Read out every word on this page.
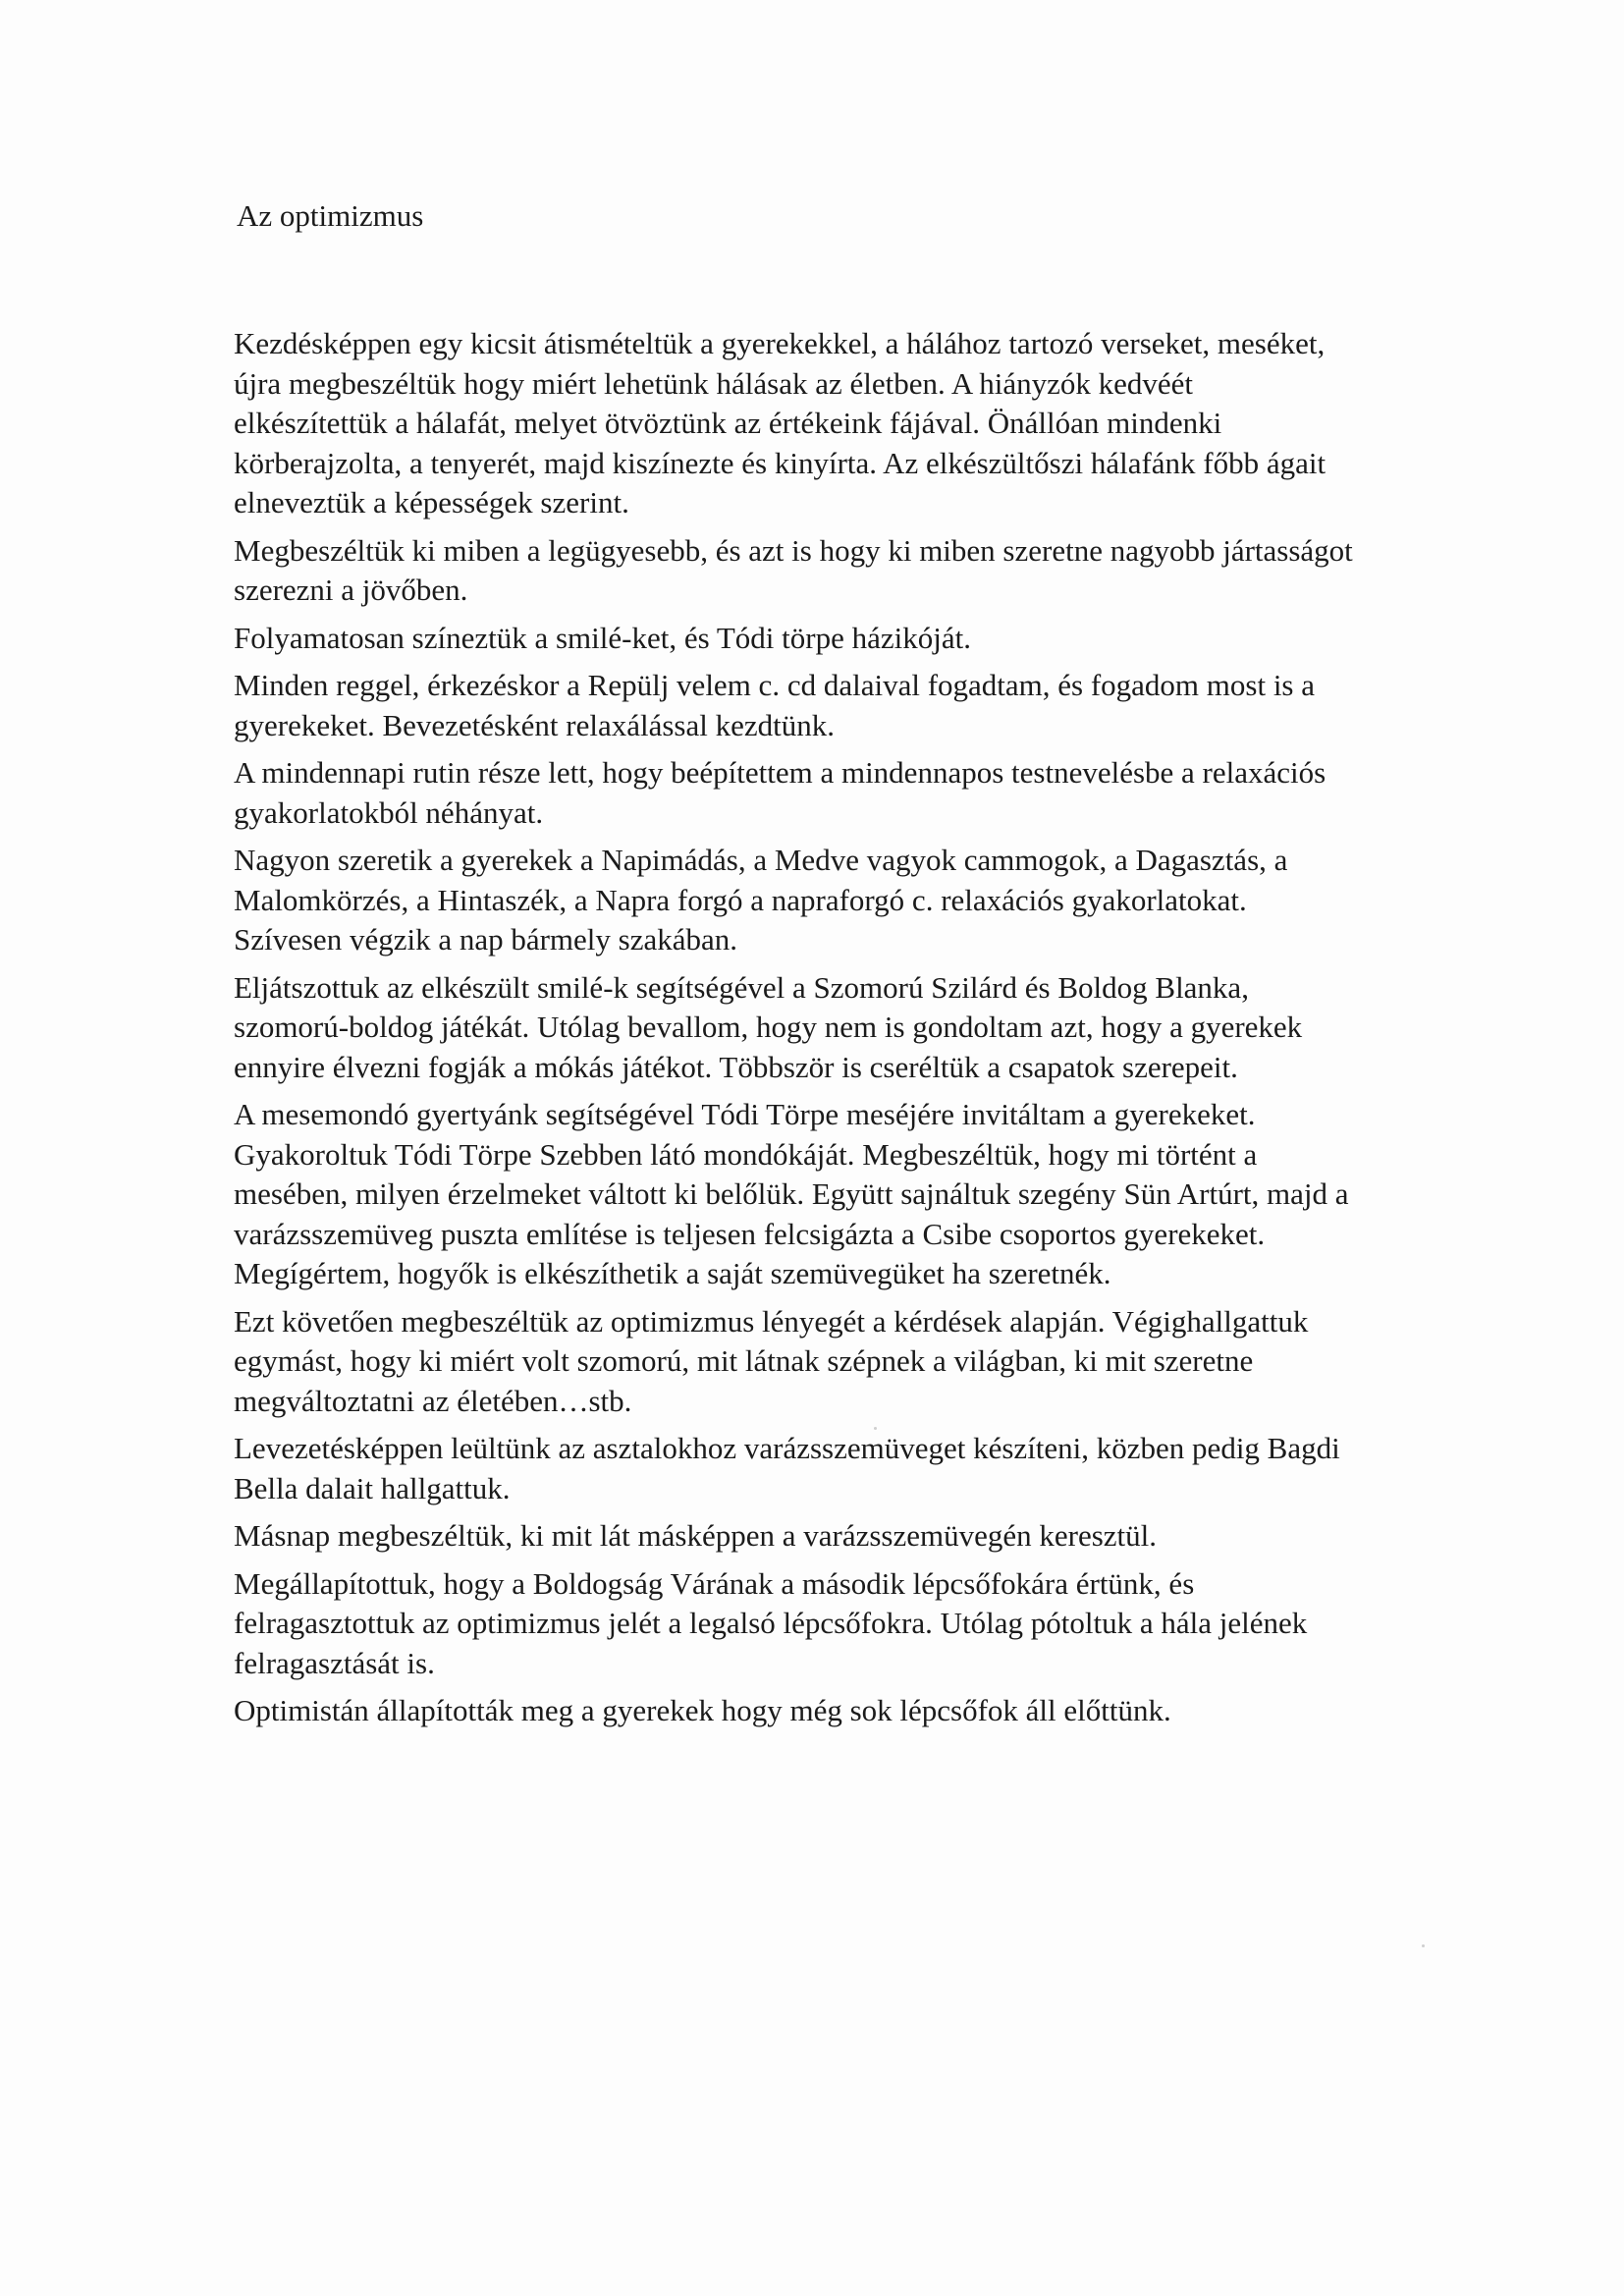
Az optimizmus
Kezdésképpen egy kicsit átismételtük a gyerekekkel, a hálához tartozó verseket, meséket,
újra megbeszéltük hogy miért lehetünk hálásak az életben. A hiányzók kedvéét
elkészítettük a hálafát, melyet ötvöztünk az értékeink fájával. Önállóan mindenki
körberajzolta, a tenyerét, majd kiszínezte és kinyírta. Az elkészültőszi hálafánk főbb ágait
elneveztük a képességek szerint.
Megbeszéltük ki miben a legügyesebb, és azt is hogy ki miben szeretne nagyobb jártasságot
szerezni a jövőben.
Folyamatosan színeztük a smilé-ket, és Tódi törpe házikóját.
Minden reggel, érkezéskor a Repülj velem c. cd dalaival fogadtam, és fogadom most is a
gyerekeket. Bevezetésként relaxálással kezdtünk.
A mindennapi rutin része lett, hogy beépítettem a mindennapos testnevelésbe a relaxációs
gyakorlatokból néhányat.
Nagyon szeretik a gyerekek a Napimádás, a Medve vagyok cammogok, a Dagasztás, a
Malomkörzés, a Hintaszék, a Napra forgó a napraforgó c. relaxációs gyakorlatokat.
Szívesen végzik a nap bármely szakában.
Eljátszottuk az elkészült smilé-k segítségével a Szomorú Szilárd és Boldog Blanka,
szomorú-boldog játékát. Utólag bevallom, hogy nem is gondoltam azt, hogy a gyerekek
ennyire élvezni fogják a mókás játékot. Többször is cseréltük a csapatok szerepeit.
A mesemondó gyertyánk segítségével Tódi Törpe meséjére invitáltam a gyerekeket.
Gyakoroltuk Tódi Törpe Szebben látó mondókáját. Megbeszéltük, hogy mi történt a
mesében, milyen érzelmeket váltott ki belőlük. Együtt sajnáltuk szegény Sün Artúrt, majd a
varázsszemüveg puszta említése is teljesen felcsigázta a Csibe csoportos gyerekeket.
Megígértem, hogyők is elkészíthetik a saját szemüvegüket ha szeretnék.
Ezt követően megbeszéltük az optimizmus lényegét a kérdések alapján. Végighallgattuk
egymást, hogy ki miért volt szomorú, mit látnak szépnek a világban, ki mit szeretne
megváltoztatni az életében…stb.
Levezetésképpen leültünk az asztalokhoz varázsszemüveget készíteni, közben pedig Bagdi
Bella dalait hallgattuk.
Másnap megbeszéltük, ki mit lát másképpen a varázsszemüvegén keresztül.
Megállapítottuk, hogy a Boldogság Várának a második lépcsőfokára értünk, és
felragasztottuk az optimizmus jelét a legalsó lépcsőfokra. Utólag pótoltuk a hála jelének
felragasztását is.
Optimistán állapították meg a gyerekek hogy még sok lépcsőfok áll előttünk.
